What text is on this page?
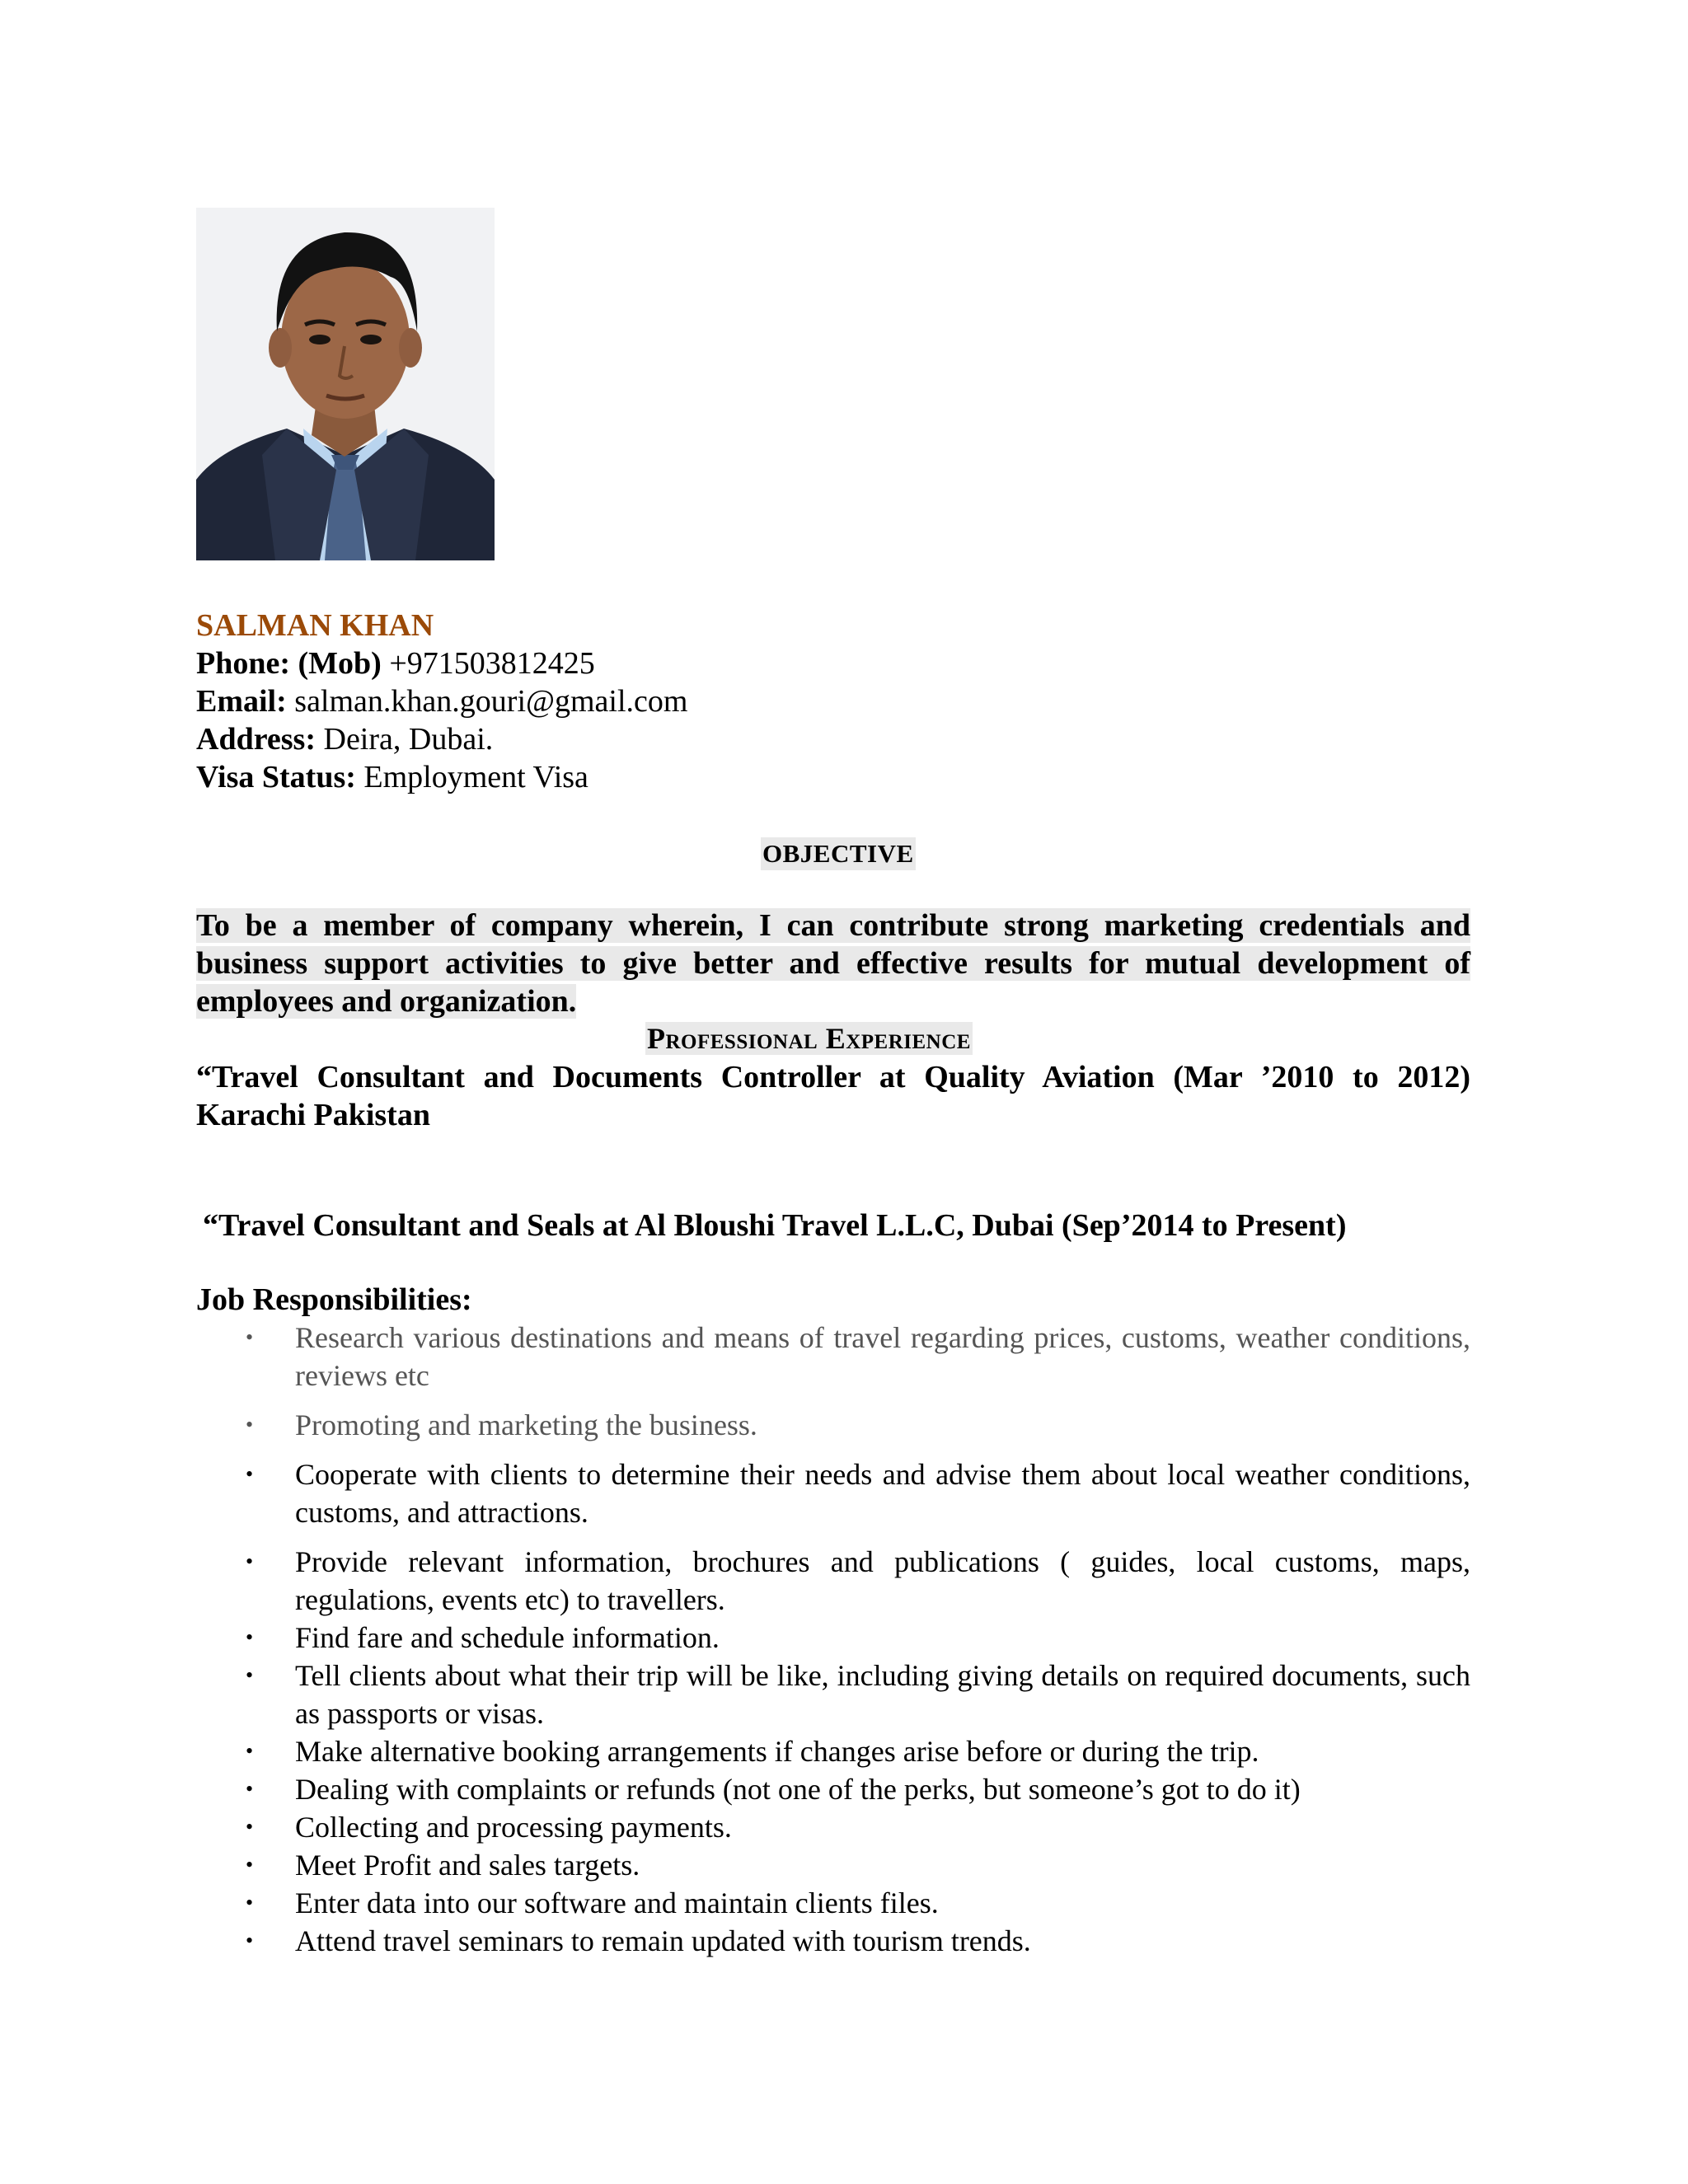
SALMAN KHAN
Phone: (Mob) +971503812425
Email: salman.khan.gouri@gmail.com
Address: Deira, Dubai.
Visa Status: Employment Visa
OBJECTIVE
To be a member of company wherein, I can contribute strong marketing credentials and business support activities to give better and effective results for mutual development of employees and organization.
Professional Experience
“Travel Consultant and Documents Controller at Quality Aviation (Mar ’2010 to 2012)
Karachi Pakistan
“Travel Consultant and Seals at Al Bloushi Travel L.L.C, Dubai (Sep’2014 to Present)
Job Responsibilities:
• Research various destinations and means of travel regarding prices, customs, weather conditions, reviews etc
• Promoting and marketing the business.
• Cooperate with clients to determine their needs and advise them about local weather conditions, customs, and attractions.
• Provide relevant information, brochures and publications ( guides, local customs, maps, regulations, events etc) to travellers.
• Find fare and schedule information.
• Tell clients about what their trip will be like, including giving details on required documents, such as passports or visas.
• Make alternative booking arrangements if changes arise before or during the trip.
• Dealing with complaints or refunds (not one of the perks, but someone’s got to do it)
• Collecting and processing payments.
• Meet Profit and sales targets.
• Enter data into our software and maintain clients files.
• Attend travel seminars to remain updated with tourism trends.
